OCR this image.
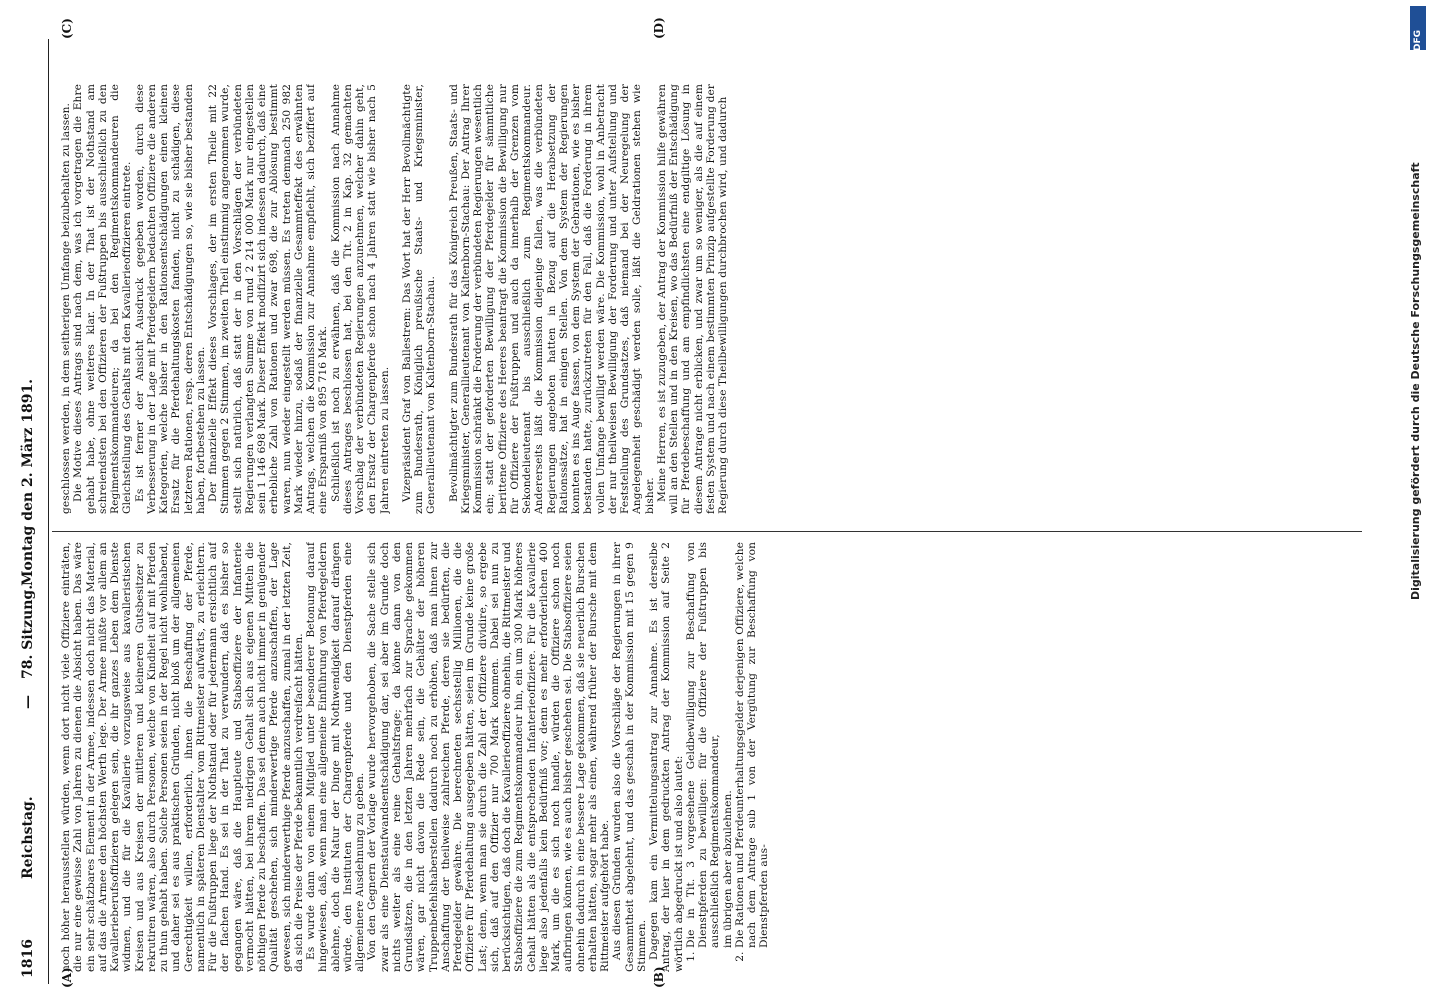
1816
Reichstag.
—
78. Sitzung.
Montag den 2. März 1891.
(A)	(B)
(C)	(D)

noch höher herausstellen würden, wenn dort nicht viele Offiziere einträten, die nur eine gewisse Zahl von Jahren zu dienen die Absicht haben. Das wäre ein sehr schätzbares Element in der Armee, indessen doch nicht das Material, auf das die Armee den höchsten Werth lege. Der Armee müßte vor allem an Kavallerieberufsoffizieren gelegen sein, die ihr ganzes Leben dem Dienste widmen, und die für die Kavallerie vorzugsweise aus kavalleristischen Kreisen und aus Kreisen der mittleren und kleineren Gutsbesitzer zu rekrutiren wären, also durch Personen, welche von Kindheit auf mit Pferden zu thun gehabt haben. Solche Personen seien in der Regel nicht wohlhabend, und daher sei es aus praktischen Gründen, nicht bloß um der allgemeinen Gerechtigkeit willen, erforderlich, ihnen die Beschaffung der Pferde, namentlich in späteren Dienstalter vom Rittmeister aufwärts, zu erleichtern. Für die Fußtruppen liege der Nothstand oder für jedermann ersichtlich auf der flachen Hand. Es sei in der That zu verwundern, daß es bisher so gegangen wäre, daß die Hauptleute und Stabsoffiziere der Infanterie vermocht hätten, bei ihrem niedrigen Gehalt sich aus eigenen Mitteln die nöthigen Pferde zu beschaffen. Das sei denn auch nicht immer in genügender Qualität geschehen, sich minderwertige Pferde anzuschaffen, der Lage gewesen, sich minderwerthige Pferde anzuschaffen, zumal in der letzten Zeit, da sich die Preise der Pferde bekanntlich verdreifacht hätten. Es wurde dann von einem Mitglied unter besonderer Betonung darauf hingewiesen, daß, wenn man eine allgemeine Einführung von Pferdegeldern ablehne, doch die Natur der Dinge mit Nothwendigkeit darauf drängen würde, den Instituten der Chargenpferde und den Dienstpferden eine allgemeinere Ausdehnung zu geben. Von den Gegnern der Vorlage wurde hervorgehoben, die Sache stelle sich zwar als eine Dienstaufwandsentschädigung dar, sei aber im Grunde doch nichts weiter als eine reine Gehaltsfrage; da könne dann von den Grundsätzen, die in den letzten Jahren mehrfach zur Sprache gekommen wären, gar nicht davon die Rede sein, die Gehälter der höheren Truppenbefehlshaberstellen dadurch noch zu erhöhen, daß man ihnen zur Anschaffung der theilweise zahlreichen Pferde, deren sie bedürften, die Pferdegelder gewähre. Die berechneten sechsstellig Millionen, die die Offiziere für Pferdehaltung ausgegeben hätten, seien im Grunde keine große Last; denn, wenn man sie durch die Zahl der Offiziere dividire, so ergebe sich, daß auf den Offizier nur 700 Mark kommen. Dabei sei nun zu berücksichtigen, daß doch die Kavallerieoffiziere ohnehin, die Rittmeister und Stabsoffiziere die zum Regimentskommandeur hin, ein um 300 Mark höheres Gehalt hätten als die entsprechenden Infanterieoffiziere. Für die Kavallerie liege also jedenfalls kein Bedürfniß vor; denn es mehr erforderlichen 400 Mark, um die es sich noch handle, würden die Offiziere schon noch aufbringen können, wie es auch bisher geschehen sei. Die Stabsoffiziere seien ohnehin dadurch in eine bessere Lage gekommen, daß sie neuerlich Burschen erhalten hätten, sogar mehr als einen, während früher der Bursche mit dem Rittmeister aufgehört habe. Aus diesen Gründen wurden also die Vorschläge der Regierungen in ihrer Gesammtheit abgelehnt, und das geschah in der Kommission mit 15 gegen 9 Stimmen. Dagegen kam ein Vermittelungsantrag zur Annahme. Es ist derselbe Antrag, der hier in dem gedruckten Antrag der Kommission auf Seite 2 wörtlich abgedruckt ist und also lautet: 1. Die in Tit. 3 vorgesehene Geldbewilligung zur Beschaffung von Dienstpferden zu bewilligen: für die Offiziere der Fußtruppen bis ausschließlich Regimentskommandeur,
im übrigen aber abzulehnen. 2. Die Rationen und Pferdeunterhaltungsgelder derjenigen Offiziere, welche nach dem Antrage sub 1 von der Vergütung zur Beschaffung von Dienstpferden aus-

geschlossen werden, in dem seitherigen Umfange beizubehalten zu lassen. Die Motive dieses Antrags sind nach dem, was ich vorgetragen die Ehre gehabt habe, ohne weiteres klar. In der That ist der Nothstand am schreiendsten bei den Offizieren der Fußtruppen bis ausschließlich zu den Regimentskommandeuren; da bei den Regimentskommandeuren die Gleichstellung des Gehalts mit den Kavallerieoffizieren eintrete. Es ist ferner der Ansicht Ausdruck gegeben worden, durch diese Verbesserung in der Lage mit Pferdegeldern bedachten Offiziere die anderen Kategorien, welche bisher in den Rationsentschädigungen einen kleinen Ersatz für die Pferdehaltungskosten fanden, nicht zu schädigen, diese letzteren Rationen, resp. deren Entschädigungen so, wie sie bisher bestanden haben, fortbestehen zu lassen. Der finanzielle Effekt dieses Vorschlages, der im ersten Theile mit 22 Stimmen gegen 2 Stimmen, im zweiten Theil einstimmig angenommen wurde, stellt sich natürlich, daß statt der in den Vorschlägen der verbündeten Regierungen verlangten Summe von rund 2 214 000 Mark nur eingestellen sein 1 146 698 Mark. Dieser Effekt modifizirt sich indessen dadurch, daß eine erhebliche Zahl von Rationen und zwar 698, die zur Ablösung bestimmt waren, nun wieder eingestellt werden müssen. Es treten demnach 250 982 Mark wieder hinzu, sodaß der finanzielle Gesammteffekt des erwähnten Antrags, welchen die Kommission zur Annahme empfiehlt, sich beziffert auf eine Ersparniß von 895 716 Mark. Schließlich ist noch zu erwähnen, daß die Kommission nach Annahme dieses Antrages beschlossen hat, bei den Tit. 2 in Kap. 32 gemachten Vorschlag der verbündeten Regierungen anzunehmen, welcher dahin geht, den Ersatz der Chargenpferde schon nach 4 Jahren statt wie bisher nach 5 Jahren eintreten zu lassen. Vizepräsident Graf von Ballestrem: Das Wort hat der Herr Bevollmächtigte zum Bundesrath, Königlich preußische Staats- und Kriegsminister, Generallieutenant von Kaltenborn-Stachau. Bevollmächtigter zum Bundesrath für das Königreich Preußen, Staats- und Kriegsminister, Generallieutenant von Kaltenborn-Stachau: Der Antrag Ihrer Kommission schränkt die Forderung der verbündeten Regierungen wesentlich ein; statt der geforderten Bewilligung der Pferdegelder für sämmtliche berittene Offiziere des Heeres beantragt die Kommission die Bewilligung nur für Offiziere der Fußtruppen und auch da innerhalb der Grenzen vom Sekondelieutenant bis ausschließlich zum Regimentskommandeur. Andererseits läßt die Kommission diejenige fallen, was die verbündeten Regierungen angeboten hatten in Bezug auf die Herabsetzung der Rationssätze, hat in einigen Stellen. Von dem System der Regierungen konnten es ins Auge fassen, von dem System der Gebrationen, wie es bisher bestanden hatte, zurückzutreten für den Fall, daß die Forderung in ihrem vollen Umfange bewilligt werden wäre. Die Kommission, wohl in Anbetracht der nur theilweisen Bewilligung der Forderung und unter Aufstellung und Feststellung des Grundsatzes, daß niemand bei der Neuregelung der Angelegenheit geschädigt werden solle, läßt die Geldrationen stehen wie bisher. Meine Herren, es ist zuzugeben, der Antrag der Kommission hilfe gewähren will an den Stellen und in den Kreisen, wo das Bedürfniß der Entschädigung für Pferdebeschaffung und am empfindlichsten eine endgiltige Lösung in diesem Antrage nicht erblicken, und zwar um so weniger, als die auf einem festen System und nach einem bestimmten Prinzip aufgestellte Forderung der Regierung durch diese Theilbewilligungen durchbrochen wird, und dadurch

DFG
Digitalisierung gefördert durch die Deutsche Forschungsgemeinschaft
